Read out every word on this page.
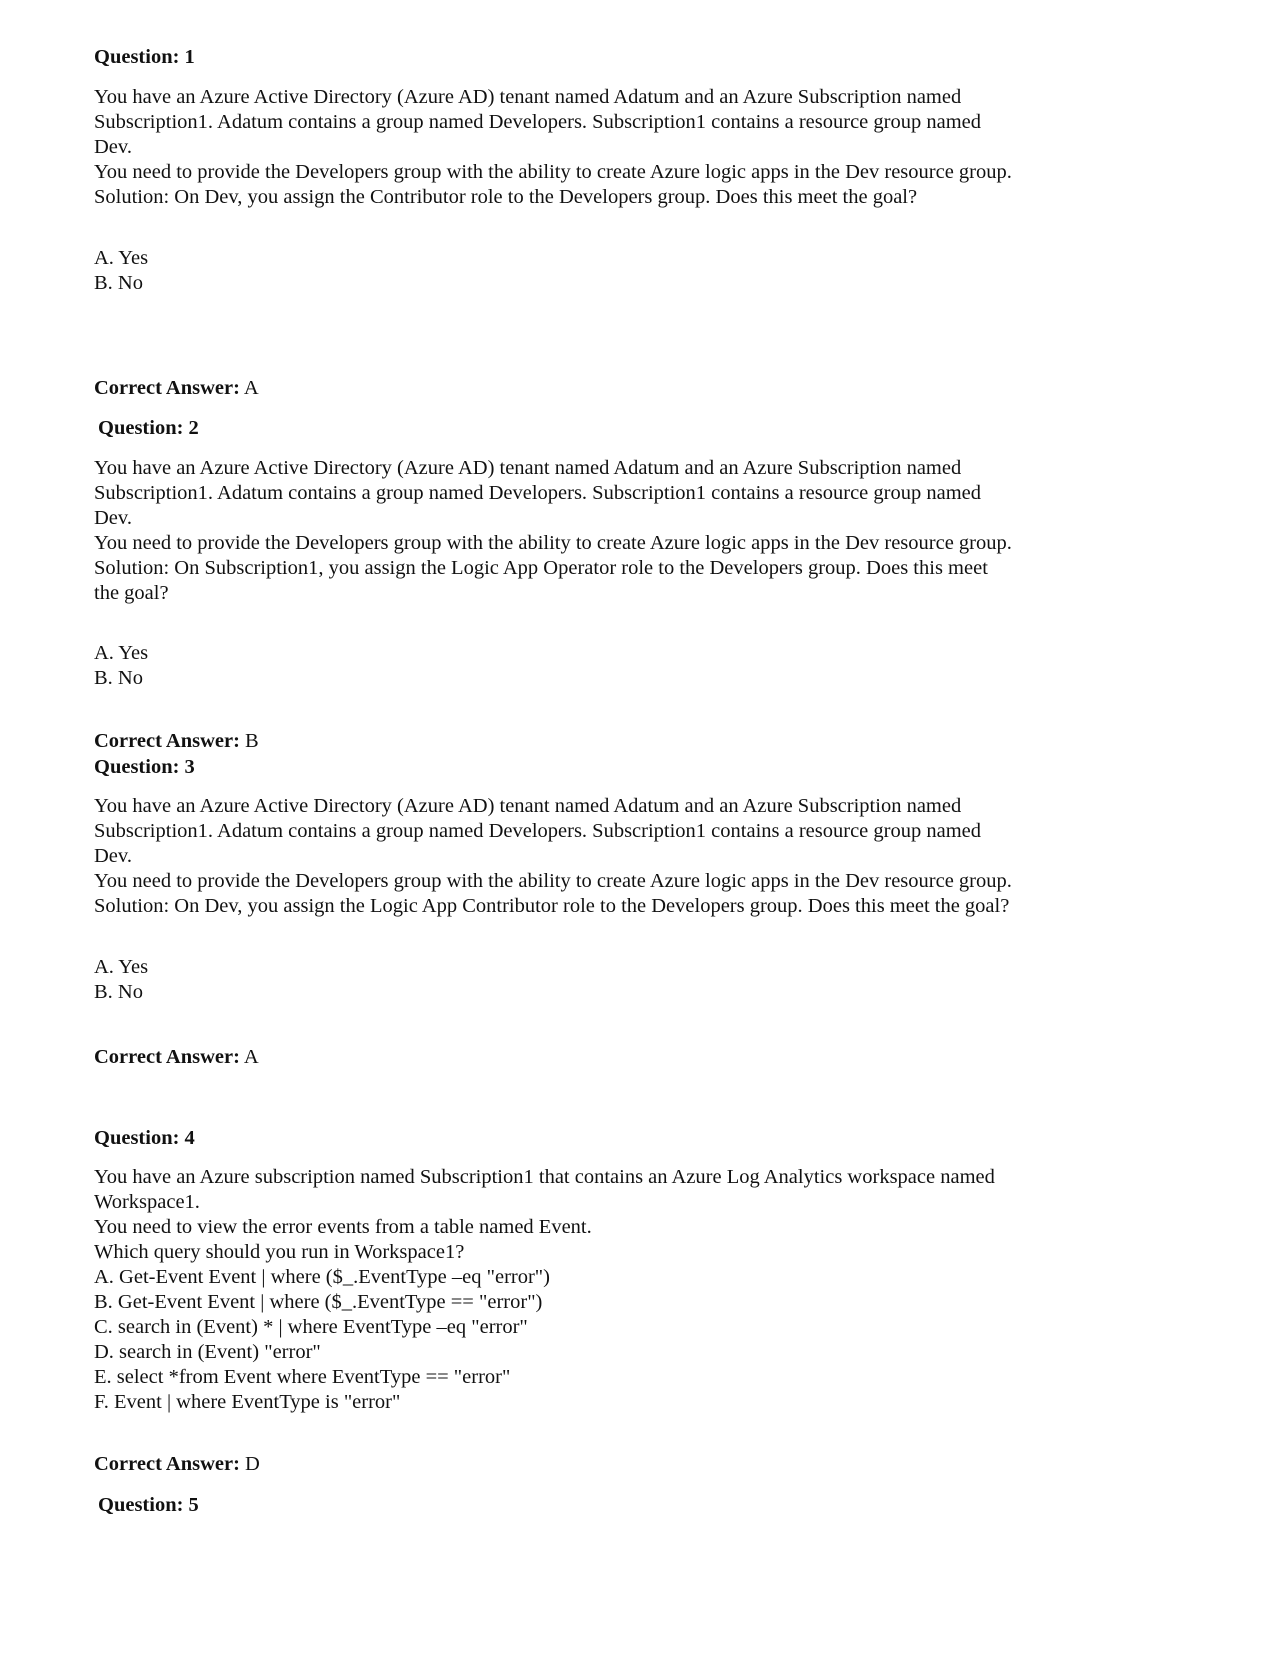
Question: 1

You have an Azure Active Directory (Azure AD) tenant named Adatum and an Azure Subscription named
Subscription1. Adatum contains a group named Developers. Subscription1 contains a resource group named
Dev.
You need to provide the Developers group with the ability to create Azure logic apps in the Dev resource group.
Solution: On Dev, you assign the Contributor role to the Developers group. Does this meet the goal?
A. Yes
B. No

Correct Answer: A

Question: 2

You have an Azure Active Directory (Azure AD) tenant named Adatum and an Azure Subscription named
Subscription1. Adatum contains a group named Developers. Subscription1 contains a resource group named
Dev.
You need to provide the Developers group with the ability to create Azure logic apps in the Dev resource group.
Solution: On Subscription1, you assign the Logic App Operator role to the Developers group. Does this meet
the goal?
A. Yes
B. No

Correct Answer: B

Question: 3

You have an Azure Active Directory (Azure AD) tenant named Adatum and an Azure Subscription named
Subscription1. Adatum contains a group named Developers. Subscription1 contains a resource group named
Dev.
You need to provide the Developers group with the ability to create Azure logic apps in the Dev resource group.
Solution: On Dev, you assign the Logic App Contributor role to the Developers group. Does this meet the goal?
A. Yes
B. No

Correct Answer: A

Question: 4

You have an Azure subscription named Subscription1 that contains an Azure Log Analytics workspace named
Workspace1.
You need to view the error events from a table named Event.
Which query should you run in Workspace1?
A. Get-Event Event | where ($_.EventType –eq "error")
B. Get-Event Event | where ($_.EventType == "error")
C. search in (Event) * | where EventType –eq "error"
D. search in (Event) "error"
E. select *from Event where EventType == "error"
F. Event | where EventType is "error"

Correct Answer: D

Question: 5
